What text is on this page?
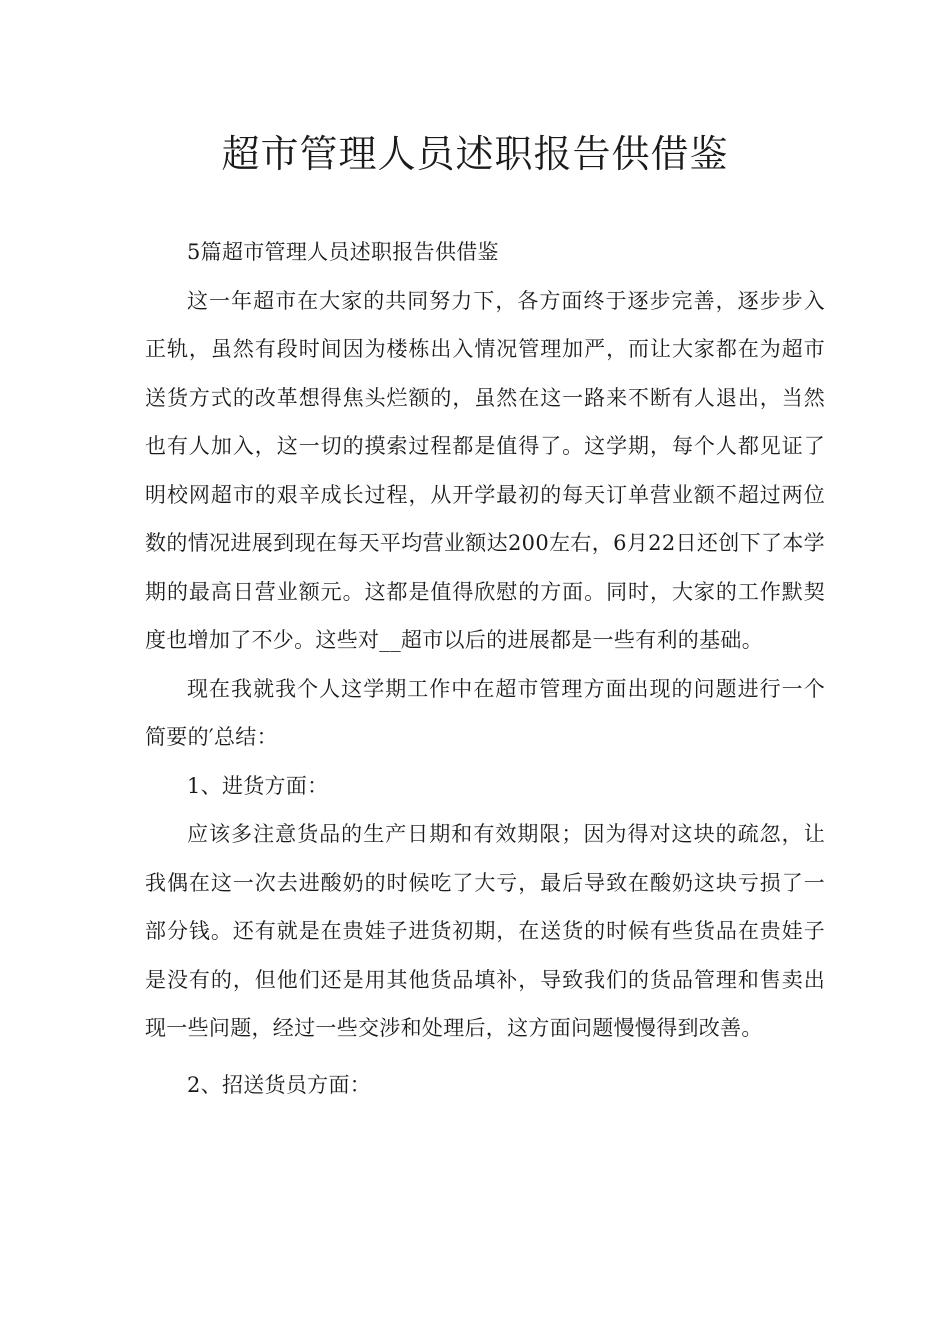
超市管理人员述职报告供借鉴

5篇超市管理人员述职报告供借鉴

这一年超市在大家的共同努力下，各方面终于逐步完善，逐步步入正轨，虽然有段时间因为楼栋出入情况管理加严，而让大家都在为超市送货方式的改革想得焦头烂额的，虽然在这一路来不断有人退出，当然也有人加入，这一切的摸索过程都是值得了。这学期，每个人都见证了明校网超市的艰辛成长过程，从开学最初的每天订单营业额不超过两位数的情况进展到现在每天平均营业额达200左右，6月22日还创下了本学期的最高日营业额元。这都是值得欣慰的方面。同时，大家的工作默契度也增加了不少。这些对__超市以后的进展都是一些有利的基础。

现在我就我个人这学期工作中在超市管理方面出现的问题进行一个简要的′总结：

1、进货方面：

应该多注意货品的生产日期和有效期限；因为得对这块的疏忽，让我偶在这一次去进酸奶的时候吃了大亏，最后导致在酸奶这块亏损了一部分钱。还有就是在贵娃子进货初期，在送货的时候有些货品在贵娃子是没有的，但他们还是用其他货品填补，导致我们的货品管理和售卖出现一些问题，经过一些交涉和处理后，这方面问题慢慢得到改善。

2、招送货员方面：
